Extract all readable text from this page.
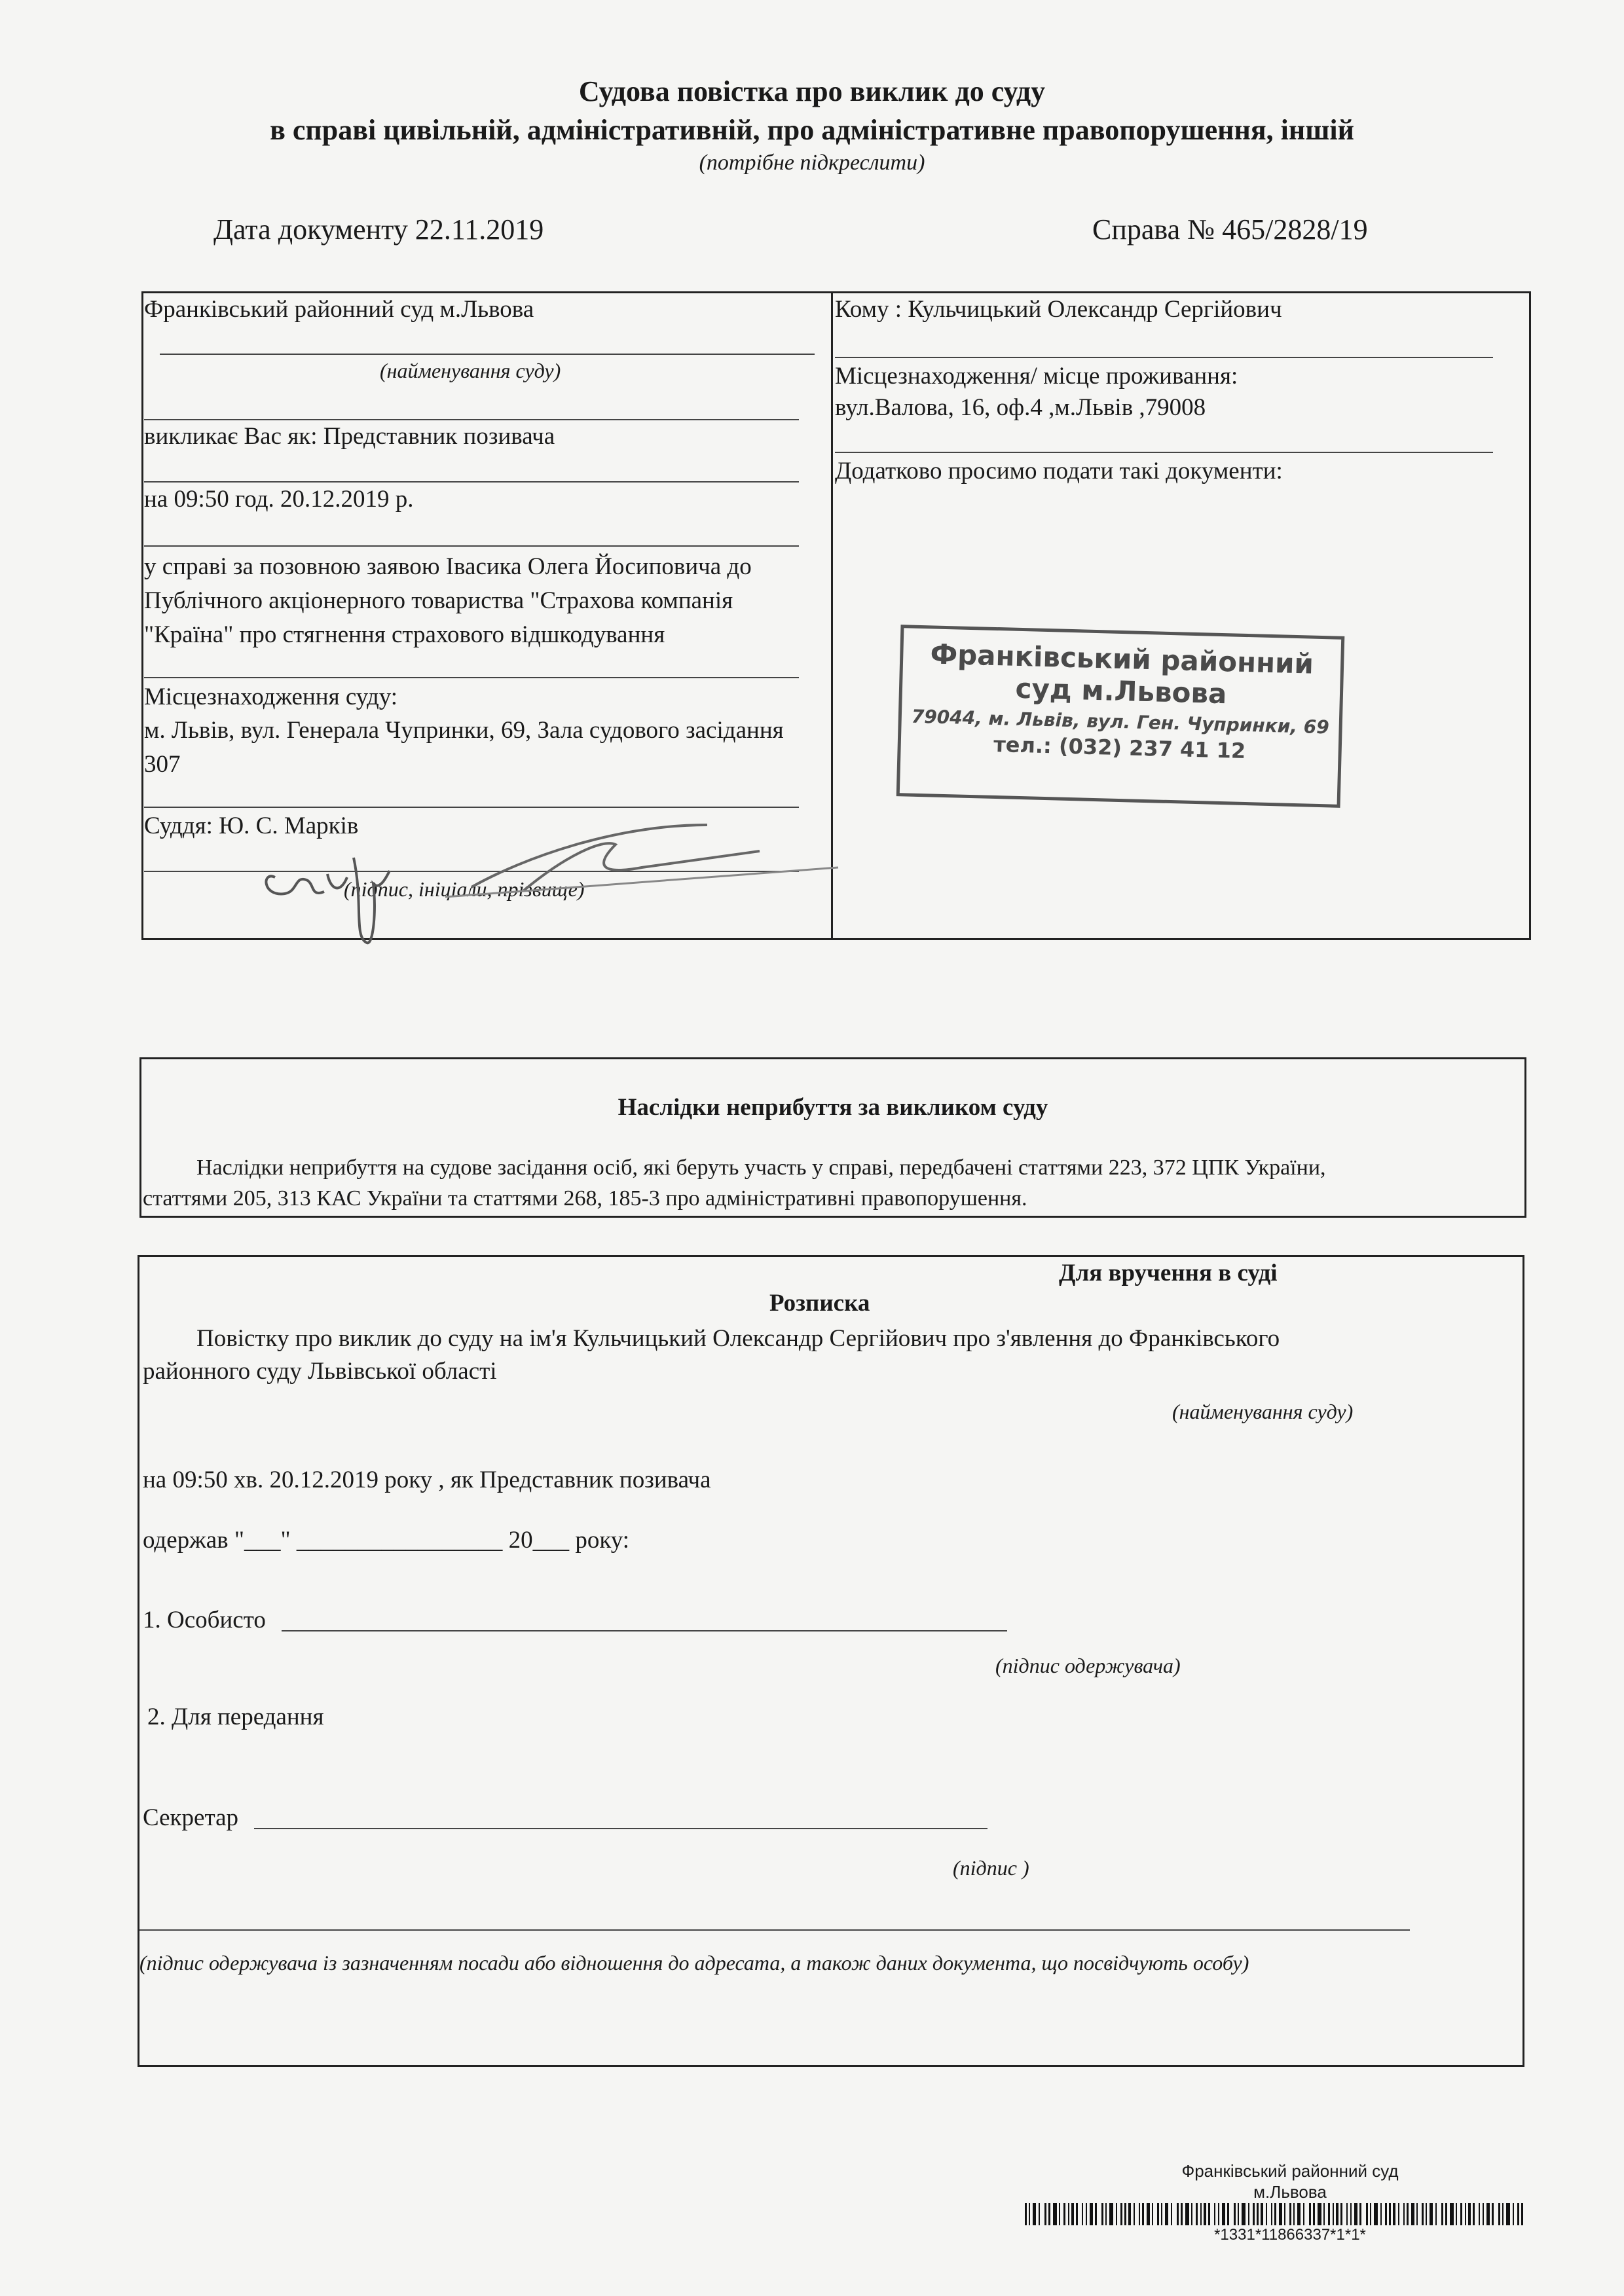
Судова повістка про виклик до суду
в справі цивільній, адміністративній, про адміністративне правопорушення, іншій
(потрібне підкреслити)
Дата документу 22.11.2019	Справа № 465/2828/19
Франківський районний суд м.Львова
(найменування суду)
викликає Вас як: Представник позивача
на 09:50 год. 20.12.2019 р.
у справі за позовною заявою Івасика Олега Йосиповича до Публічного акціонерного товариства "Страхова компанія "Країна" про стягнення страхового відшкодування
Місцезнаходження суду:
м. Львів, вул. Генерала Чупринки, 69, Зала судового засідання 307
Суддя: Ю. С. Марків
(підпис, ініціали, прізвище)
Кому : Кульчицький Олександр Сергійович
Місцезнаходження/ місце проживання:
вул.Валова, 16, оф.4 ,м.Львів ,79008
Додатково просимо подати такі документи:
Франківський районний
суд м.Львова
79044, м. Львів, вул. Ген. Чупринки, 69
тел.: (032) 237 41 12
Наслідки неприбуття за викликом суду
Наслідки неприбуття на судове засідання осіб, які беруть участь у справі, передбачені статтями 223, 372 ЦПК України,
статтями 205, 313 КАС України та статтями 268, 185-3 про адміністративні правопорушення.
Для вручення в суді
Розписка
Повістку про виклик до суду на ім'я Кульчицький Олександр Сергійович про з'явлення до Франківського
районного суду Львівської області
(найменування суду)
на 09:50 хв. 20.12.2019 року , як Представник позивача
одержав "___" _________________ 20___ року:
1. Особисто
(підпис одержувача)
2. Для передання
Секретар
(підпис )
(підпис одержувача із зазначенням посади або відношення до адресата, а також даних документа, що посвідчують особу)
Франківський районний суд
м.Львова
*1331*11866337*1*1*
